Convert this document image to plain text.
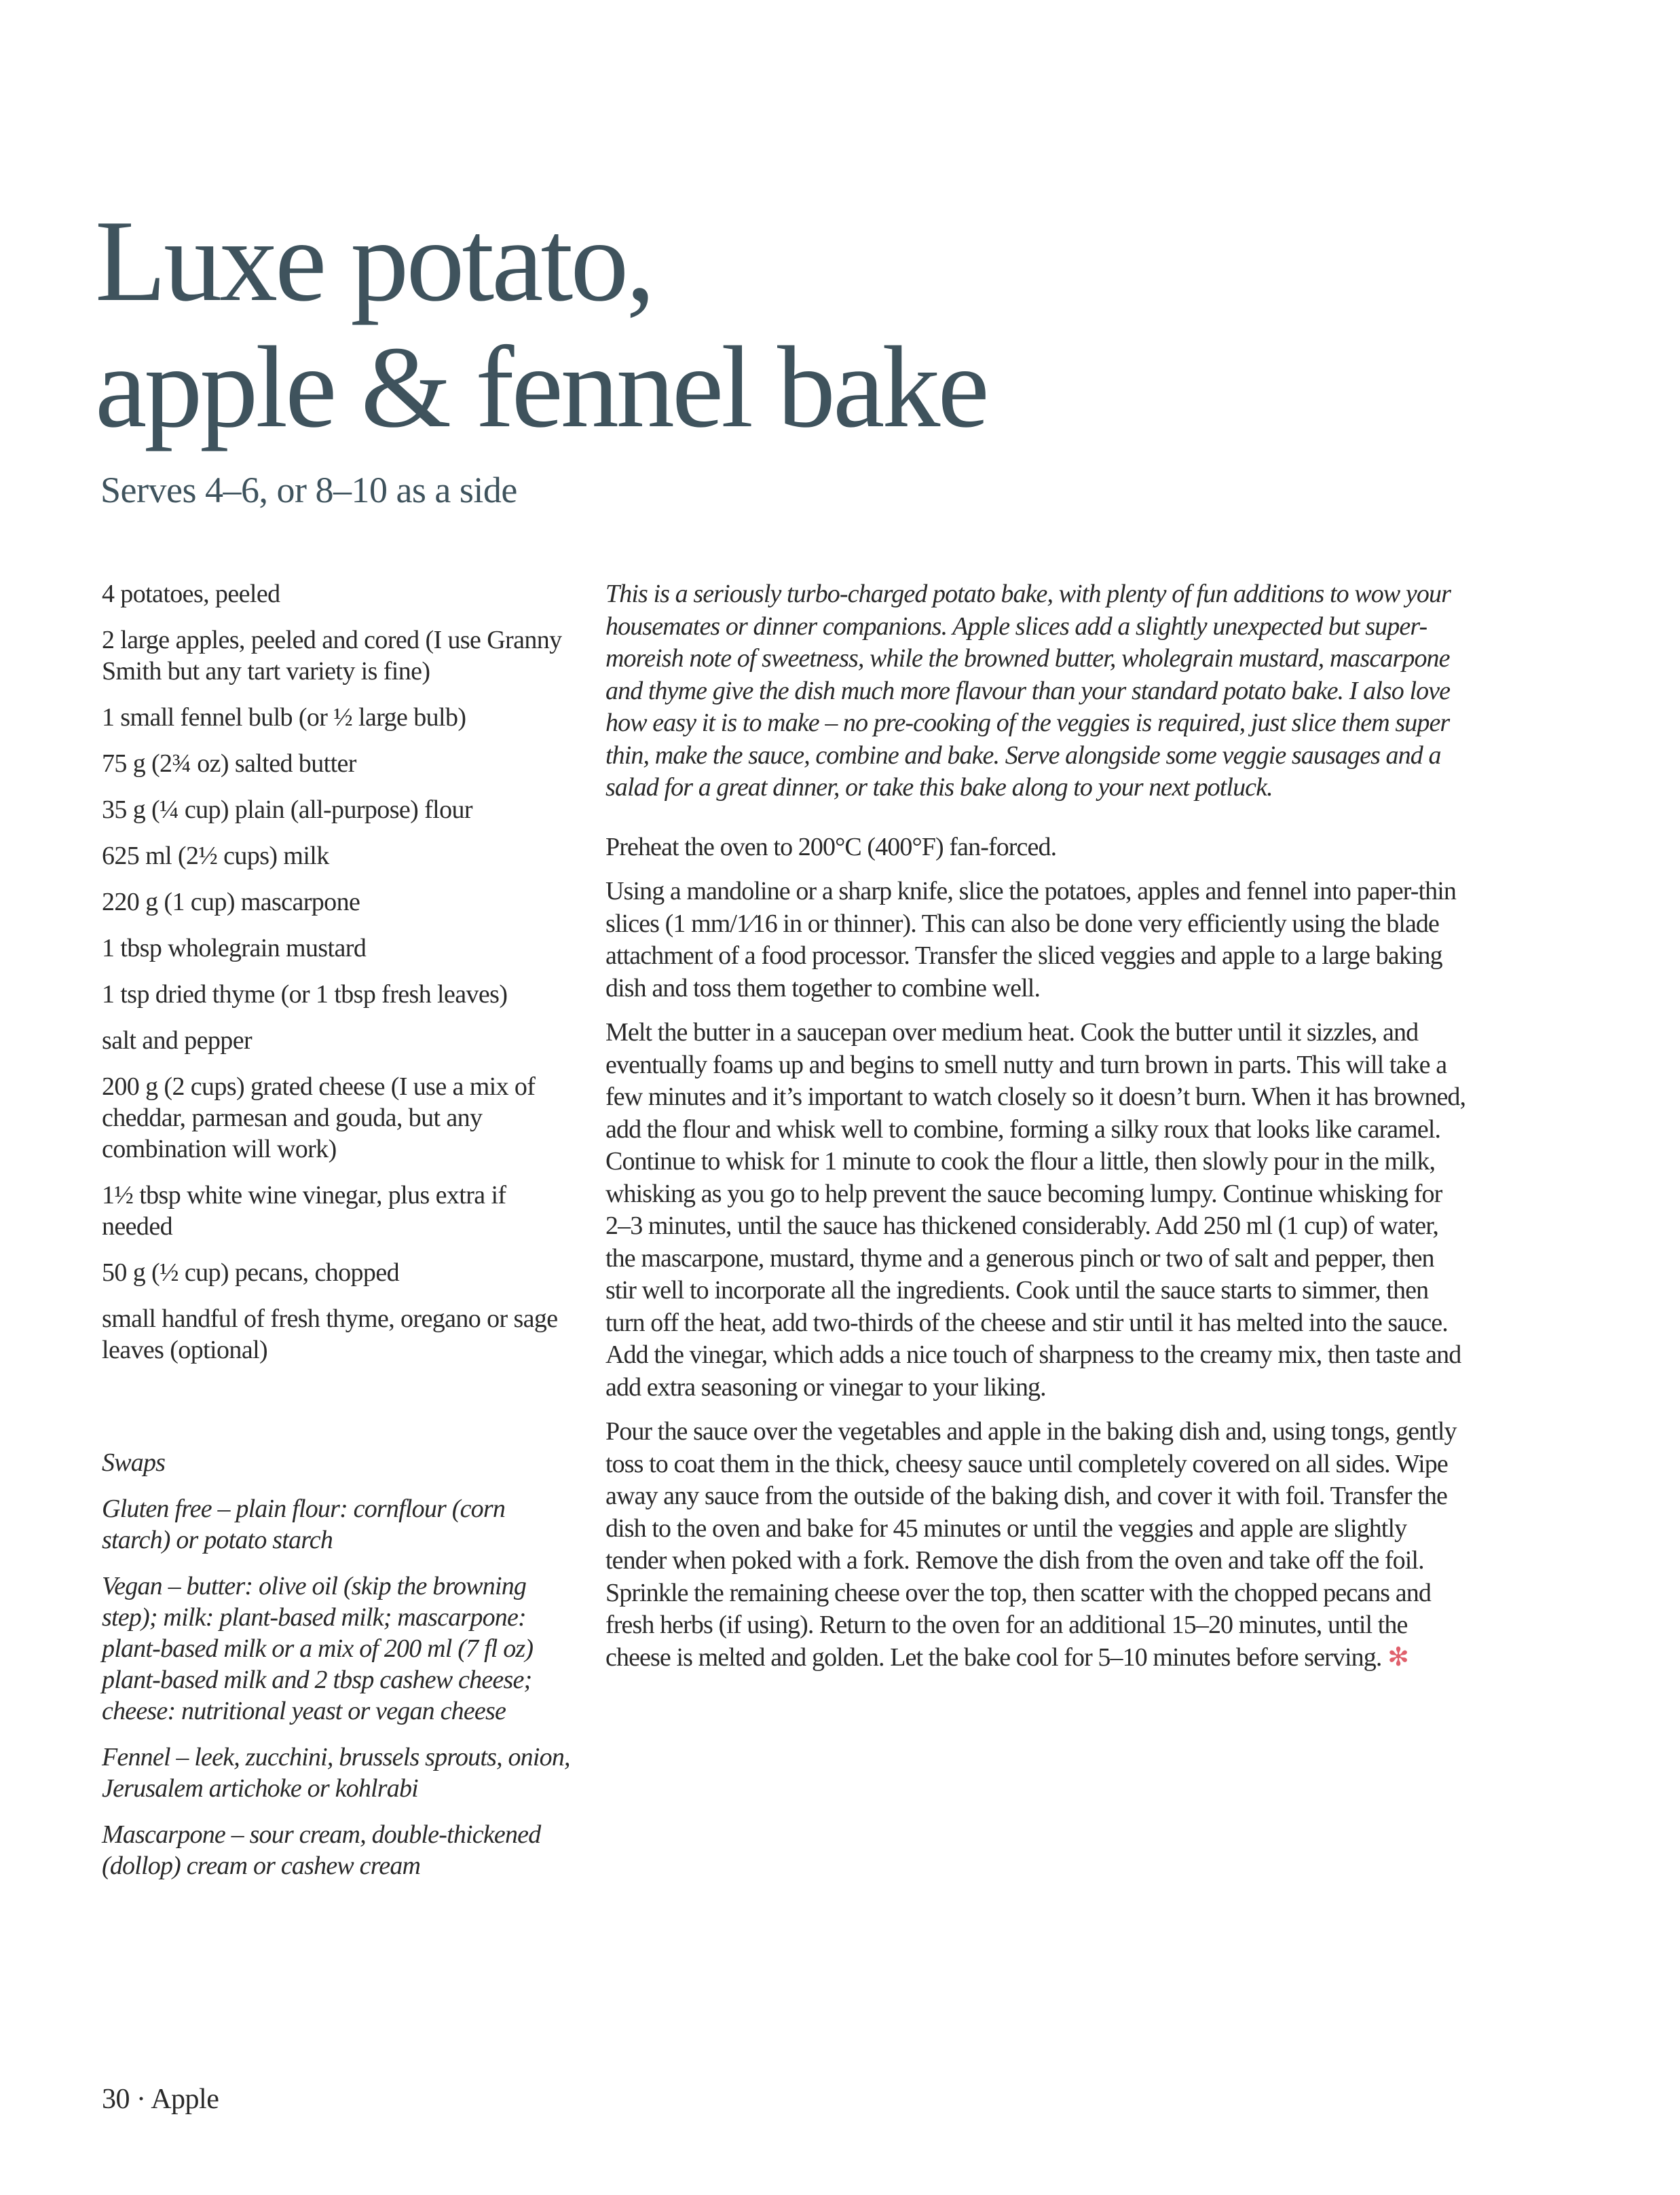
Luxe potato,
apple & fennel bake
Serves 4–6, or 8–10 as a side
4 potatoes, peeled
2 large apples, peeled and cored (I use Granny Smith but any tart variety is fine)
1 small fennel bulb (or ½ large bulb)
75 g (2¾ oz) salted butter
35 g (¼ cup) plain (all-purpose) flour
625 ml (2½ cups) milk
220 g (1 cup) mascarpone
1 tbsp wholegrain mustard
1 tsp dried thyme (or 1 tbsp fresh leaves)
salt and pepper
200 g (2 cups) grated cheese (I use a mix of cheddar, parmesan and gouda, but any combination will work)
1½ tbsp white wine vinegar, plus extra if needed
50 g (½ cup) pecans, chopped
small handful of fresh thyme, oregano or sage leaves (optional)

Swaps

Gluten free – plain flour: cornflour (corn starch) or potato starch

Vegan – butter: olive oil (skip the browning step); milk: plant-based milk; mascarpone: plant-based milk or a mix of 200 ml (7 fl oz) plant-based milk and 2 tbsp cashew cheese; cheese: nutritional yeast or vegan cheese

Fennel – leek, zucchini, brussels sprouts, onion, Jerusalem artichoke or kohlrabi

Mascarpone – sour cream, double-thickened (dollop) cream or cashew cream

This is a seriously turbo-charged potato bake, with plenty of fun additions to wow your housemates or dinner companions. Apple slices add a slightly unexpected but super-moreish note of sweetness, while the browned butter, wholegrain mustard, mascarpone and thyme give the dish much more flavour than your standard potato bake. I also love how easy it is to make – no pre-cooking of the veggies is required, just slice them super thin, make the sauce, combine and bake. Serve alongside some veggie sausages and a salad for a great dinner, or take this bake along to your next potluck.

Preheat the oven to 200°C (400°F) fan-forced.

Using a mandoline or a sharp knife, slice the potatoes, apples and fennel into paper-thin slices (1 mm/1⁄16 in or thinner). This can also be done very efficiently using the blade attachment of a food processor. Transfer the sliced veggies and apple to a large baking dish and toss them together to combine well.

Melt the butter in a saucepan over medium heat. Cook the butter until it sizzles, and eventually foams up and begins to smell nutty and turn brown in parts. This will take a few minutes and it’s important to watch closely so it doesn’t burn. When it has browned, add the flour and whisk well to combine, forming a silky roux that looks like caramel. Continue to whisk for 1 minute to cook the flour a little, then slowly pour in the milk, whisking as you go to help prevent the sauce becoming lumpy. Continue whisking for 2–3 minutes, until the sauce has thickened considerably. Add 250 ml (1 cup) of water, the mascarpone, mustard, thyme and a generous pinch or two of salt and pepper, then stir well to incorporate all the ingredients. Cook until the sauce starts to simmer, then turn off the heat, add two-thirds of the cheese and stir until it has melted into the sauce. Add the vinegar, which adds a nice touch of sharpness to the creamy mix, then taste and add extra seasoning or vinegar to your liking.

Pour the sauce over the vegetables and apple in the baking dish and, using tongs, gently toss to coat them in the thick, cheesy sauce until completely covered on all sides. Wipe away any sauce from the outside of the baking dish, and cover it with foil. Transfer the dish to the oven and bake for 45 minutes or until the veggies and apple are slightly tender when poked with a fork. Remove the dish from the oven and take off the foil. Sprinkle the remaining cheese over the top, then scatter with the chopped pecans and fresh herbs (if using). Return to the oven for an additional 15–20 minutes, until the cheese is melted and golden. Let the bake cool for 5–10 minutes before serving. ✻

30 · Apple
